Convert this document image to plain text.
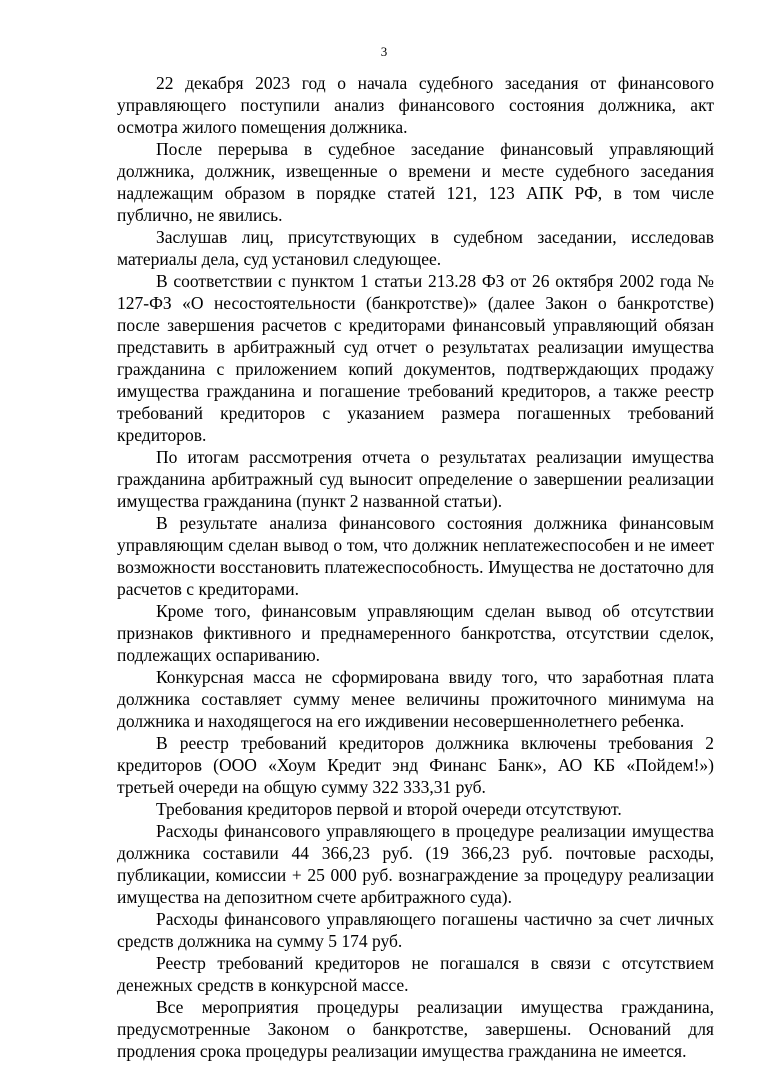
3

22 декабря 2023 год о начала судебного заседания от финансового управляющего поступили анализ финансового состояния должника, акт осмотра жилого помещения должника.

После перерыва в судебное заседание финансовый управляющий должника, должник, извещенные о времени и месте судебного заседания надлежащим образом в порядке статей 121, 123 АПК РФ, в том числе публично, не явились.

Заслушав лиц, присутствующих в судебном заседании, исследовав материалы дела, суд установил следующее.

В соответствии с пунктом 1 статьи 213.28 ФЗ от 26 октября 2002 года № 127-ФЗ «О несостоятельности (банкротстве)» (далее Закон о банкротстве) после завершения расчетов с кредиторами финансовый управляющий обязан представить в арбитражный суд отчет о результатах реализации имущества гражданина с приложением копий документов, подтверждающих продажу имущества гражданина и погашение требований кредиторов, а также реестр требований кредиторов с указанием размера погашенных требований кредиторов.

По итогам рассмотрения отчета о результатах реализации имущества гражданина арбитражный суд выносит определение о завершении реализации имущества гражданина (пункт 2 названной статьи).

В результате анализа финансового состояния должника финансовым управляющим сделан вывод о том, что должник неплатежеспособен и не имеет возможности восстановить платежеспособность. Имущества не достаточно для расчетов с кредиторами.

Кроме того, финансовым управляющим сделан вывод об отсутствии признаков фиктивного и преднамеренного банкротства, отсутствии сделок, подлежащих оспариванию.

Конкурсная масса не сформирована ввиду того, что заработная плата должника составляет сумму менее величины прожиточного минимума на должника и находящегося на его иждивении несовершеннолетнего ребенка.

В реестр требований кредиторов должника включены требования 2 кредиторов (ООО «Хоум Кредит энд Финанс Банк», АО КБ «Пойдем!») третьей очереди на общую сумму 322 333,31 руб.

Требования кредиторов первой и второй очереди отсутствуют.

Расходы финансового управляющего в процедуре реализации имущества должника составили 44 366,23 руб. (19 366,23 руб. почтовые расходы, публикации, комиссии + 25 000 руб. вознаграждение за процедуру реализации имущества на депозитном счете арбитражного суда).

Расходы финансового управляющего погашены частично за счет личных средств должника на сумму 5 174 руб.

Реестр требований кредиторов не погашался в связи с отсутствием денежных средств в конкурсной массе.

Все мероприятия процедуры реализации имущества гражданина, предусмотренные Законом о банкротстве, завершены. Оснований для продления срока процедуры реализации имущества гражданина не имеется.
